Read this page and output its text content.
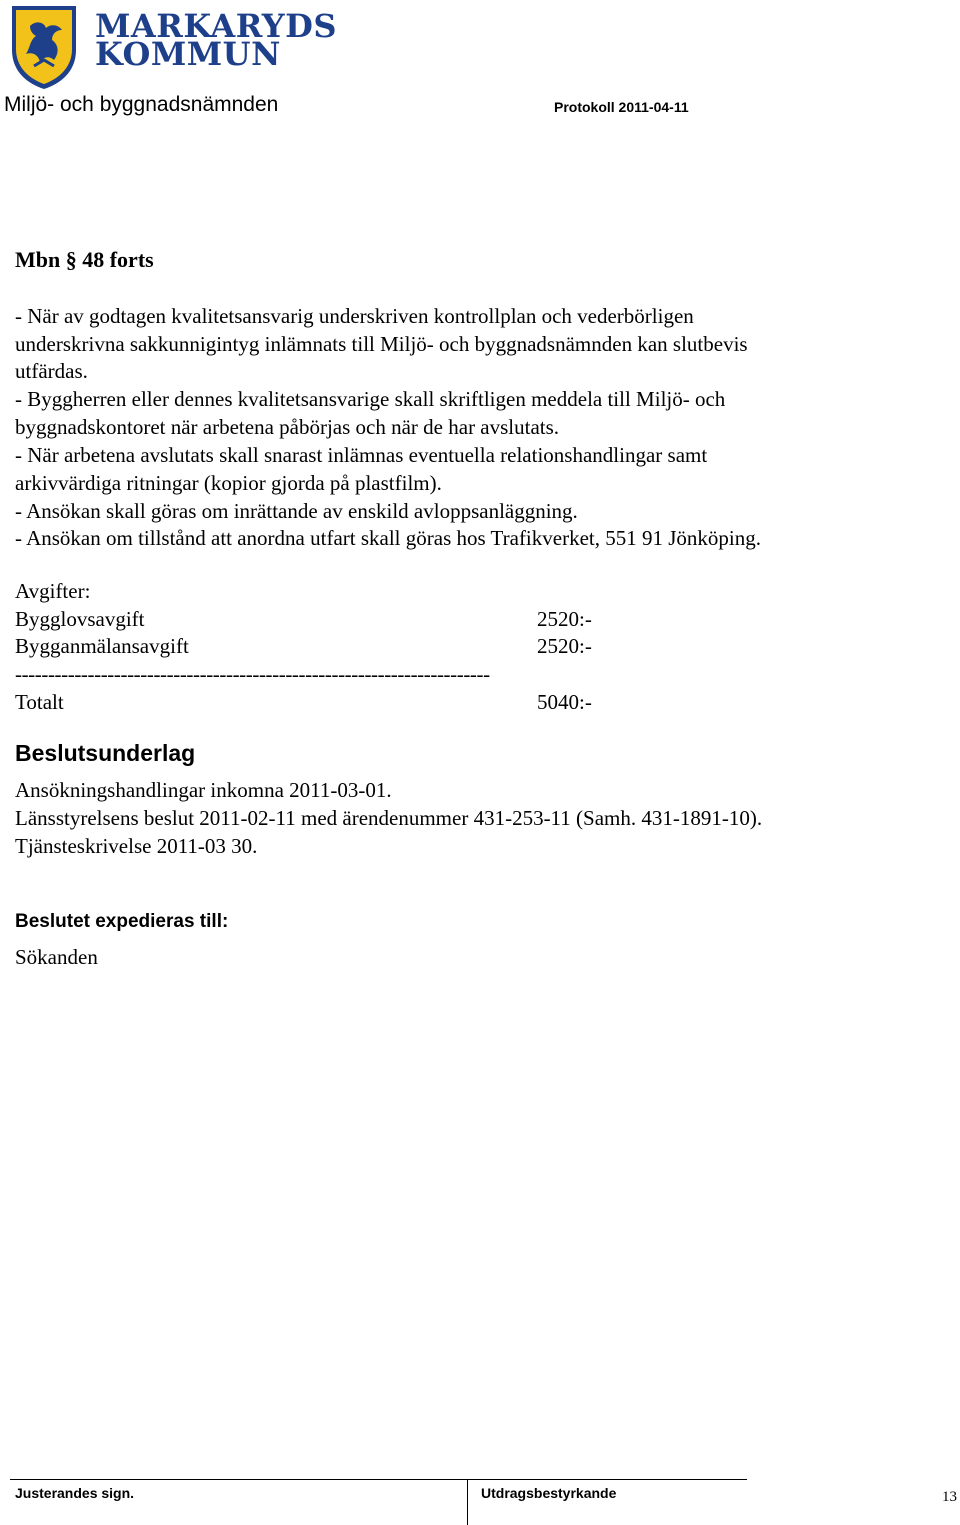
MARKARYDS
KOMMUN
Miljö- och byggnadsnämnden	Protokoll 2011-04-11
Mbn § 48 forts
- När av godtagen kvalitetsansvarig underskriven kontrollplan och vederbörligen
underskrivna sakkunnigintyg inlämnats till Miljö- och byggnadsnämnden kan slutbevis
utfärdas.
- Byggherren eller dennes kvalitetsansvarige skall skriftligen meddela till Miljö- och
byggnadskontoret när arbetena påbörjas och när de har avslutats.
- När arbetena avslutats skall snarast inlämnas eventuella relationshandlingar samt
arkivvärdiga ritningar (kopior gjorda på plastfilm).
- Ansökan skall göras om inrättande av enskild avloppsanläggning.
- Ansökan om tillstånd att anordna utfart skall göras hos Trafikverket, 551 91 Jönköping.
Avgifter:
Bygglovsavgift	2520:-
Bygganmälansavgift	2520:-
------------------------------------------------------------------------
Totalt	5040:-
Beslutsunderlag
Ansökningshandlingar inkomna 2011-03-01.
Länsstyrelsens beslut 2011-02-11 med ärendenummer 431-253-11 (Samh. 431-1891-10).
Tjänsteskrivelse 2011-03 30.
Beslutet expedieras till:
Sökanden
Justerandes sign.	Utdragsbestyrkande	13
